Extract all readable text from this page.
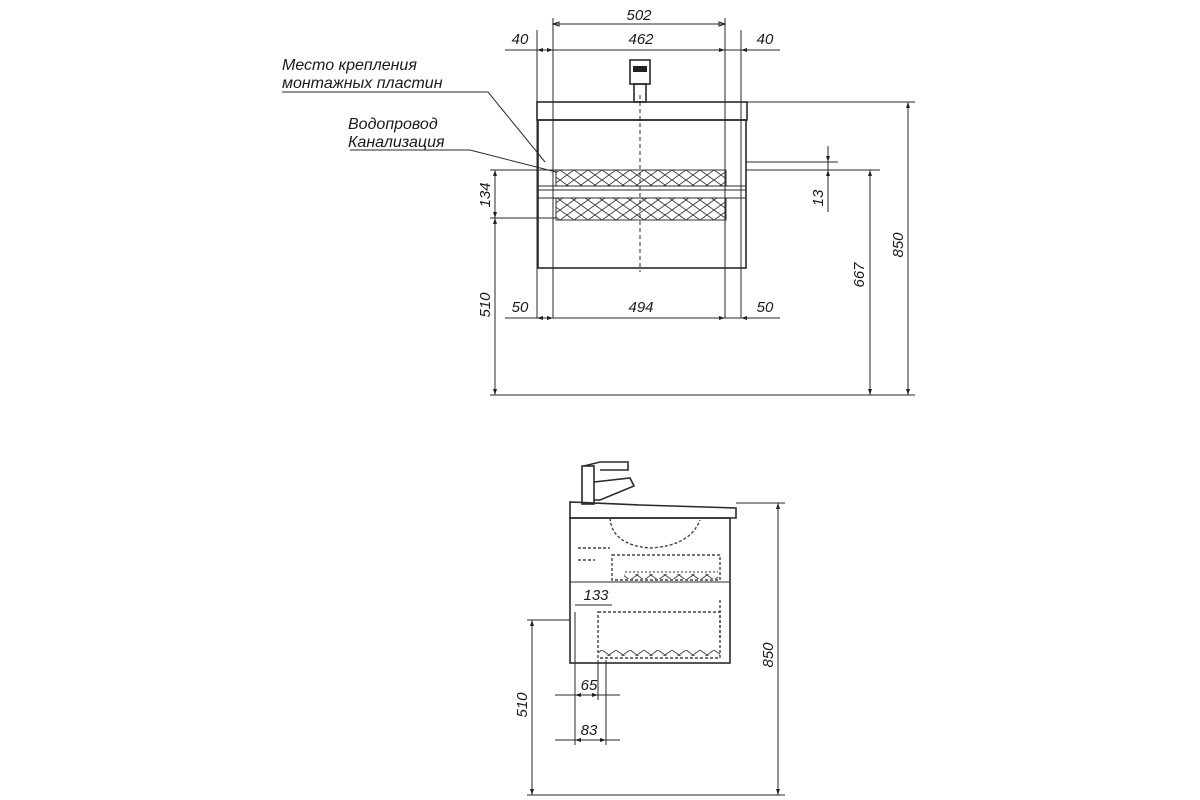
502
40	462	40
50	494	50
134
510
13
667
850
Место крепления
монтажных пластин
Водопровод
Канализация
133
65
83
510
850
